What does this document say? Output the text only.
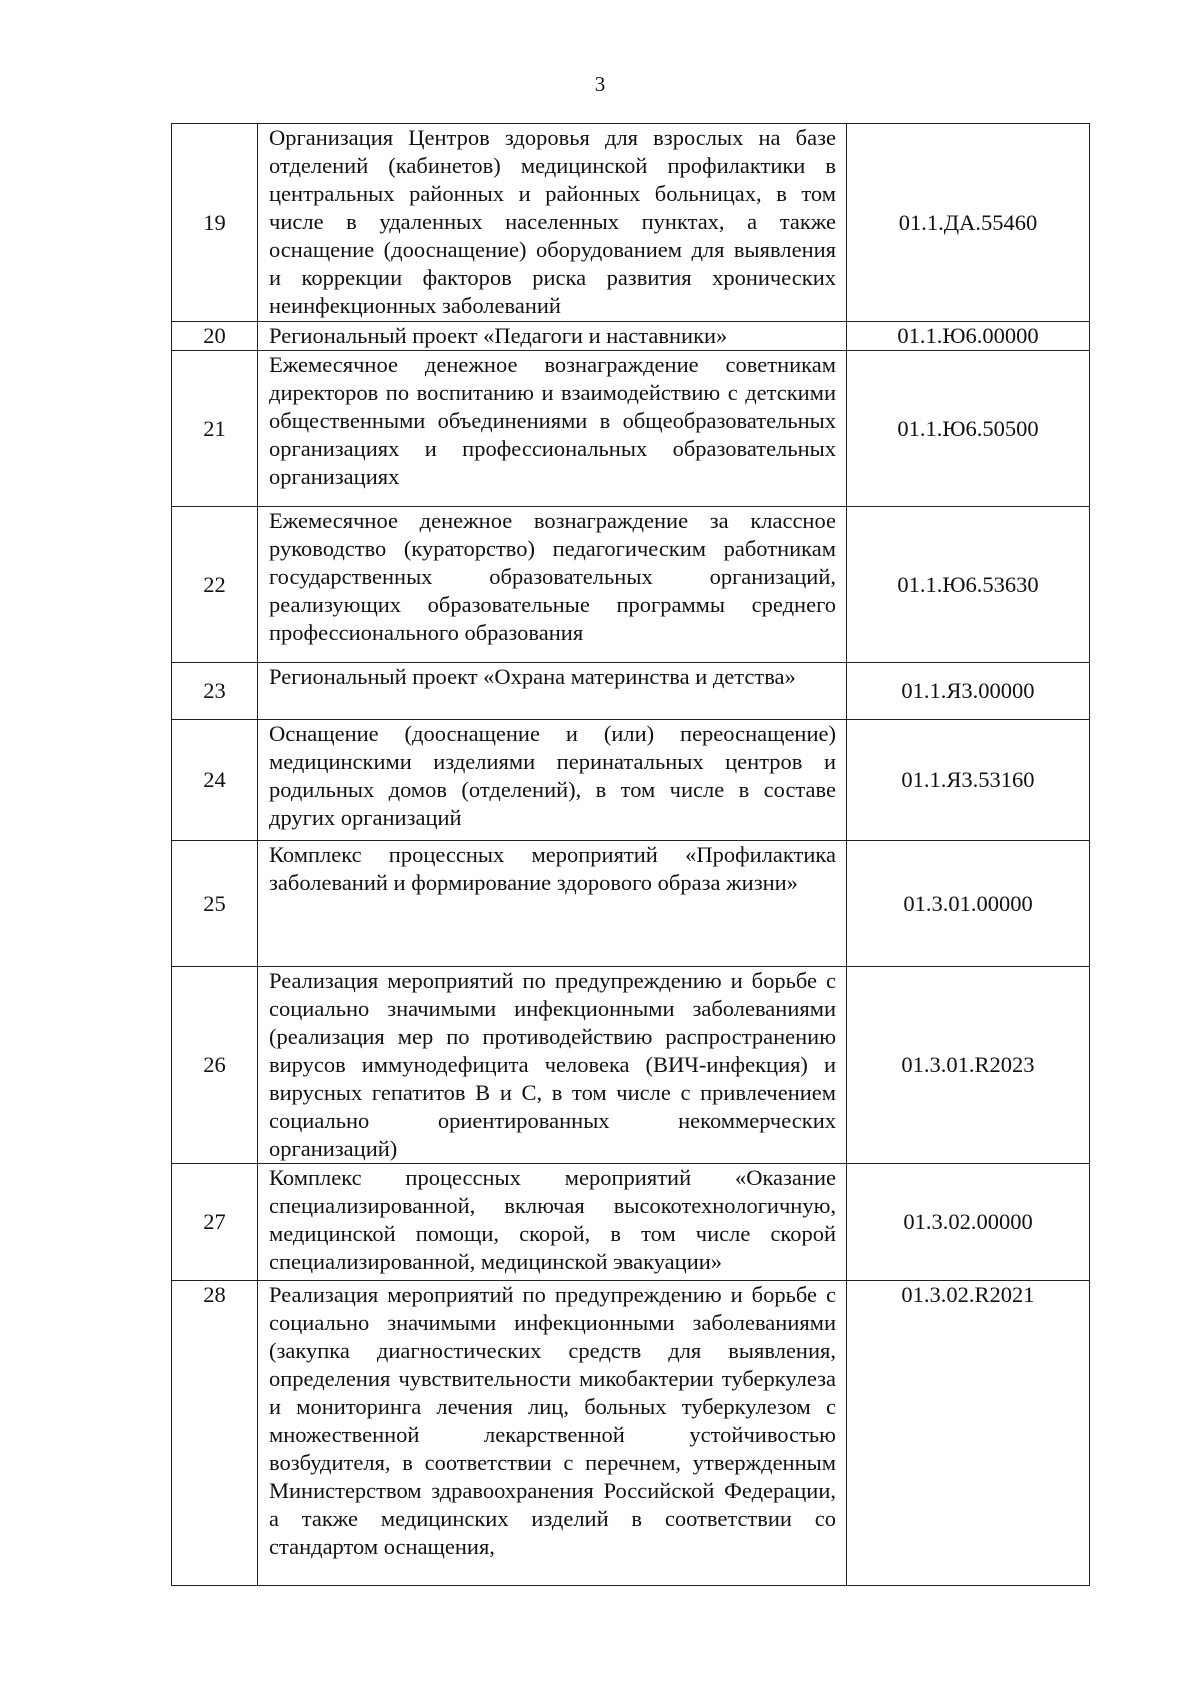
3
19	Организация Центров здоровья для взрослых на базе отделений (кабинетов) медицинской профилактики в центральных районных и районных больницах, в том числе в удаленных населенных пунктах, а также оснащение (дооснащение) оборудованием для выявления и коррекции факторов риска развития хронических неинфекционных заболеваний	01.1.ДА.55460
20	Региональный проект «Педагоги и наставники»	01.1.Ю6.00000
21	Ежемесячное денежное вознаграждение советникам директоров по воспитанию и взаимодействию с детскими общественными объединениями в общеобразовательных организациях и профессиональных образовательных организациях	01.1.Ю6.50500
22	Ежемесячное денежное вознаграждение за классное руководство (кураторство) педагогическим работникам государственных образовательных организаций, реализующих образовательные программы среднего профессионального образования	01.1.Ю6.53630
23	Региональный проект «Охрана материнства и детства»	01.1.Я3.00000
24	Оснащение (дооснащение и (или) переоснащение) медицинскими изделиями перинатальных центров и родильных домов (отделений), в том числе в составе других организаций	01.1.Я3.53160
25	Комплекс процессных мероприятий «Профилактика заболеваний и формирование здорового образа жизни»	01.3.01.00000
26	Реализация мероприятий по предупреждению и борьбе с социально значимыми инфекционными заболеваниями (реализация мер по противодействию распространению вирусов иммунодефицита человека (ВИЧ-инфекция) и вирусных гепатитов B и C, в том числе с привлечением социально ориентированных некоммерческих организаций)	01.3.01.R2023
27	Комплекс процессных мероприятий «Оказание специализированной, включая высокотехнологичную, медицинской помощи, скорой, в том числе скорой специализированной, медицинской эвакуации»	01.3.02.00000
28	Реализация мероприятий по предупреждению и борьбе с социально значимыми инфекционными заболеваниями (закупка диагностических средств для выявления, определения чувствительности микобактерии туберкулеза и мониторинга лечения лиц, больных туберкулезом с множественной лекарственной устойчивостью возбудителя, в соответствии с перечнем, утвержденным Министерством здравоохранения Российской Федерации, а также медицинских изделий в соответствии со стандартом оснащения,	01.3.02.R2021
